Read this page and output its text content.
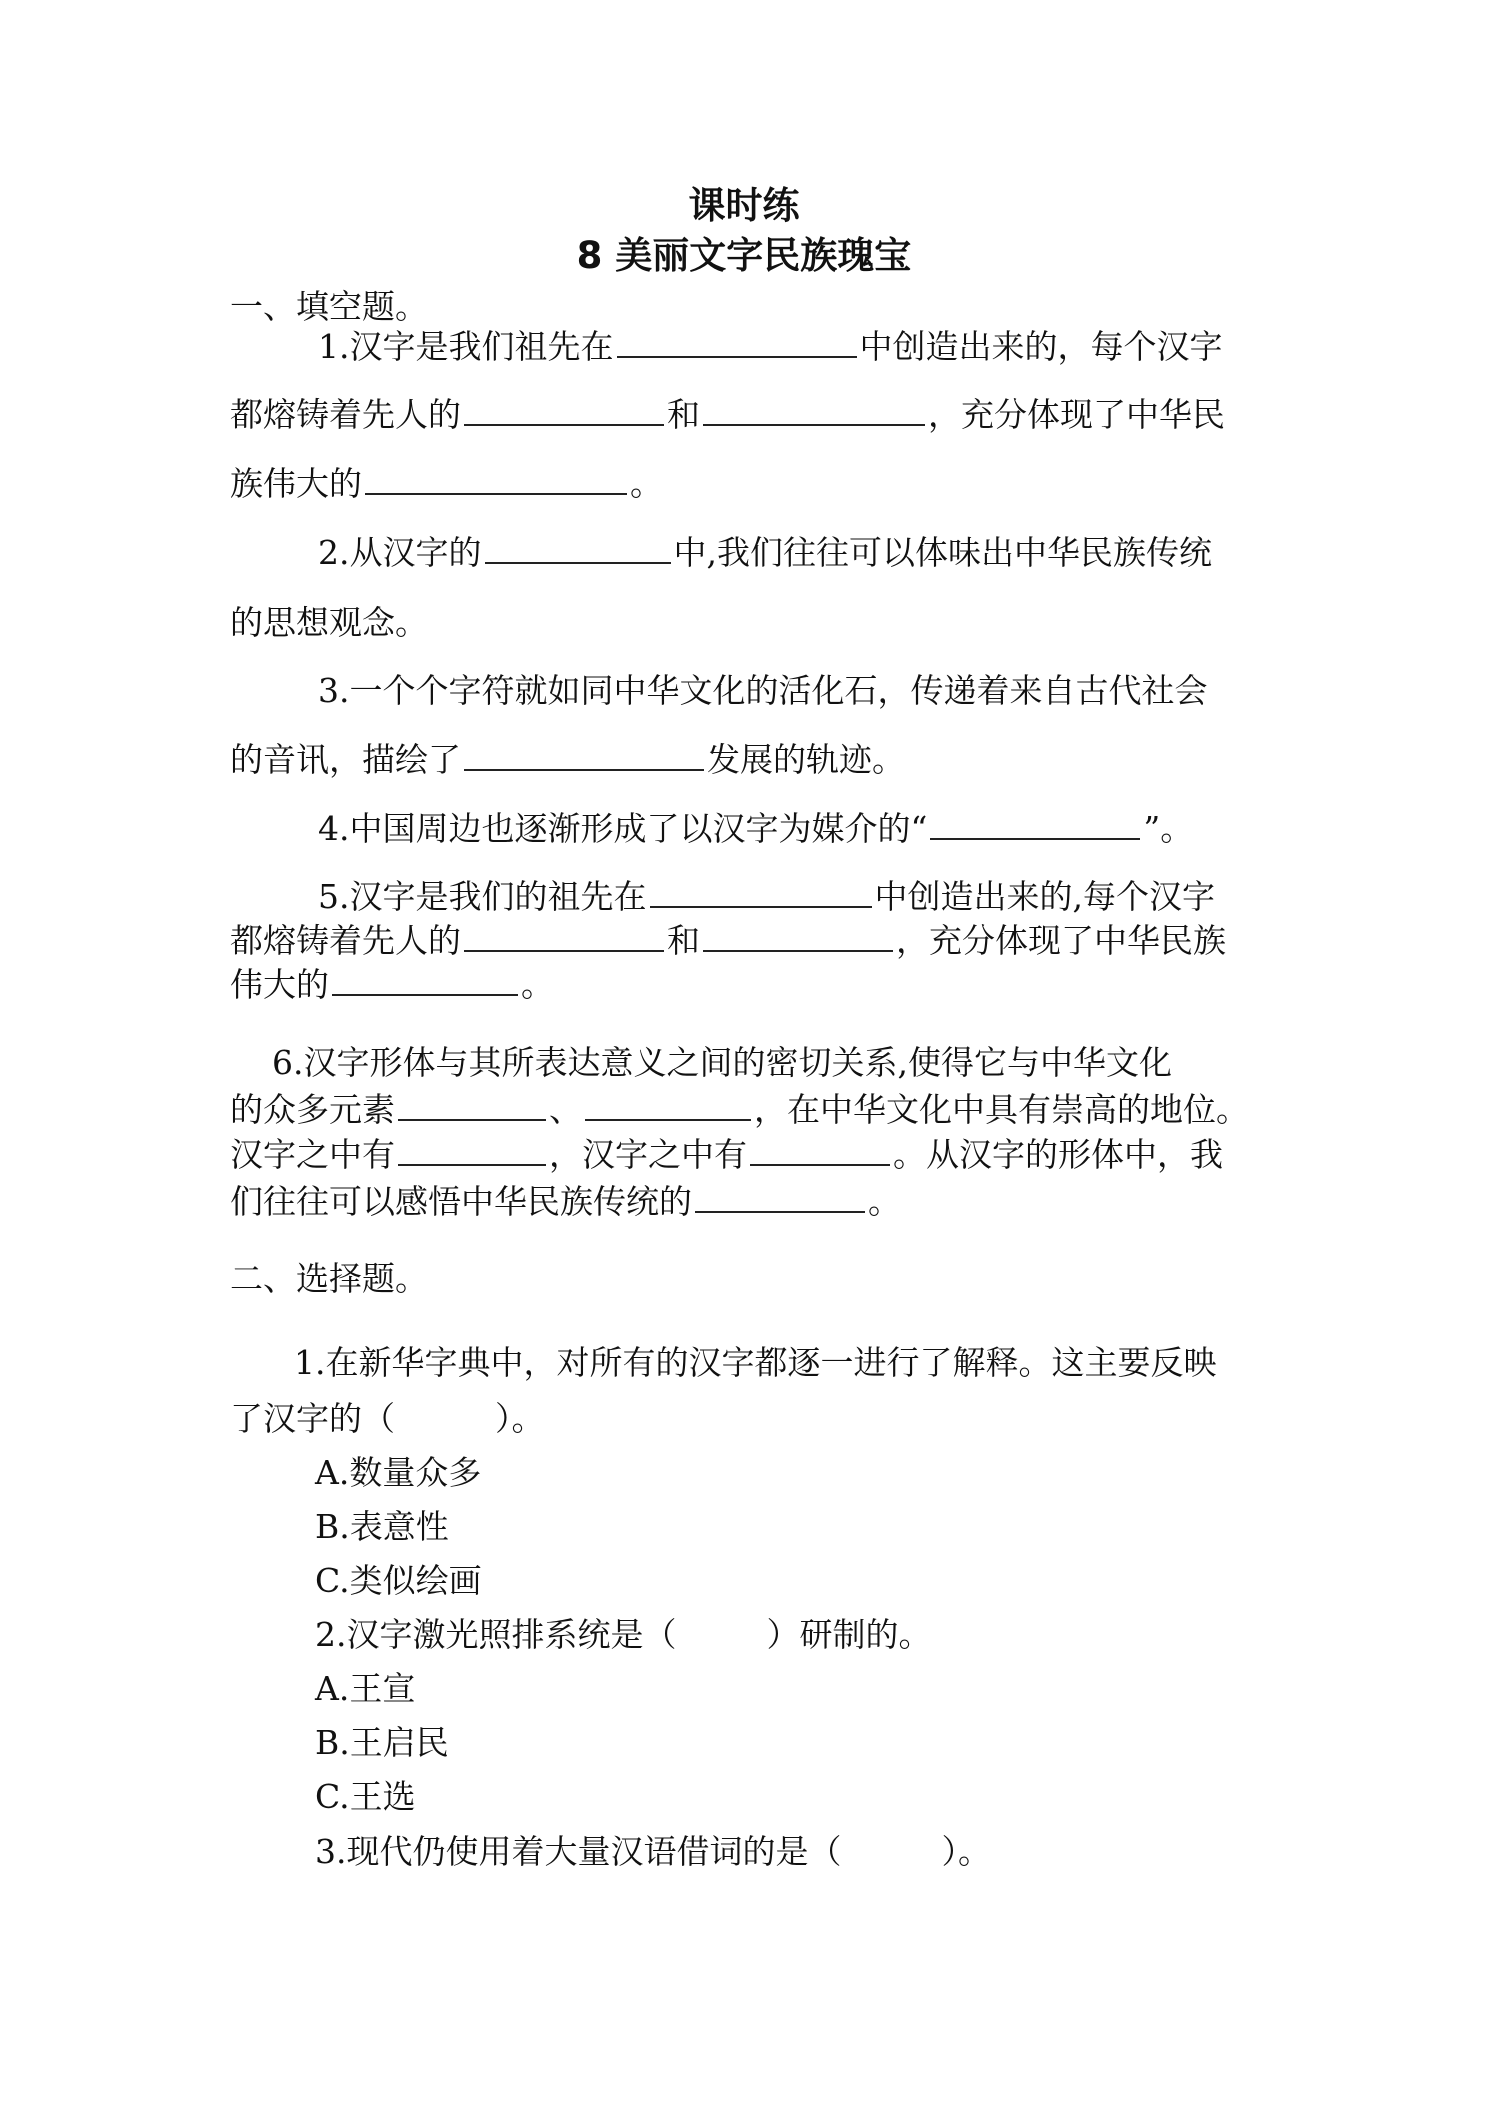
课时练
8 美丽文字民族瑰宝
一、填空题。
1.汉字是我们祖先在	中创造出来的，每个汉字
都熔铸着先人的	和	，充分体现了中华民
族伟大的	。
2.从汉字的	中,我们往往可以体味出中华民族传统
的思想观念。
3.一个个字符就如同中华文化的活化石，传递着来自古代社会
的音讯，描绘了	发展的轨迹。
4.中国周边也逐渐形成了以汉字为媒介的“	”。
5.汉字是我们的祖先在	中创造出来的,每个汉字
都熔铸着先人的	和	，充分体现了中华民族
伟大的	。
6.汉字形体与其所表达意义之间的密切关系,使得它与中华文化
的众多元素	、	，在中华文化中具有崇高的地位。
汉字之中有	，汉字之中有	。从汉字的形体中，我
们往往可以感悟中华民族传统的	。
二、选择题。
1.在新华字典中，对所有的汉字都逐一进行了解释。这主要反映
了汉字的（	）。
A.数量众多
B.表意性
C.类似绘画
2.汉字激光照排系统是（	）研制的。
A.王宣
B.王启民
C.王选
3.现代仍使用着大量汉语借词的是（	）。
